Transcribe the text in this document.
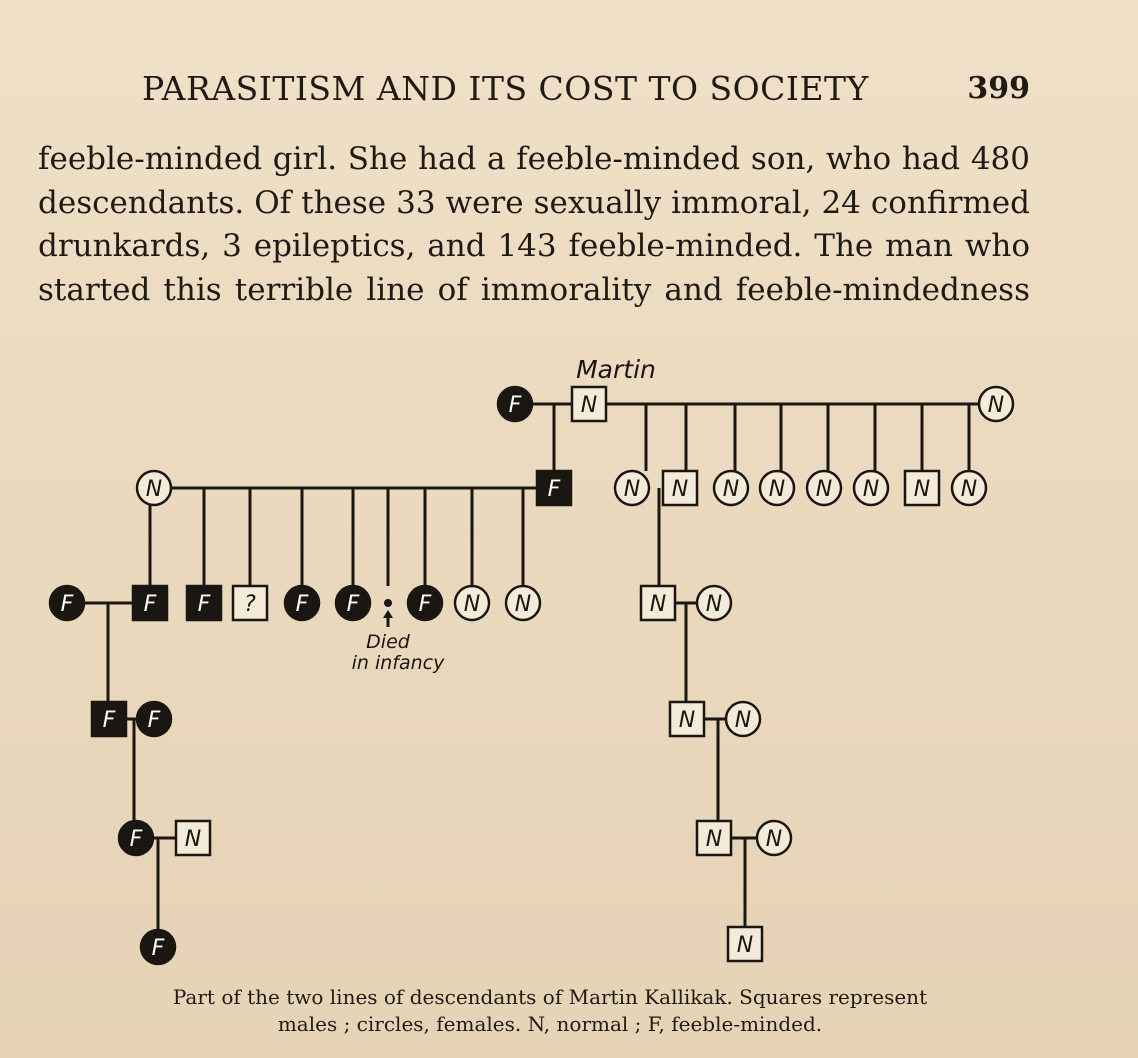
PARASITISM AND ITS COST TO SOCIETY	399
feeble-minded girl. She had a feeble-minded son, who had 480
descendants. Of these 33 were sexually immoral, 24 confirmed
drunkards, 3 epileptics, and 143 feeble-minded. The man who
started this terrible line of immorality and feeble-mindedness
F	N	N
N	F	N N N N N N N N
F	F F ? F F	F N N	N N
F F	N N
F N	N N
F	N
Martin
Died
in infancy
Part of the two lines of descendants of Martin Kallikak. Squares represent
males ; circles, females. N, normal ; F, feeble-minded.
